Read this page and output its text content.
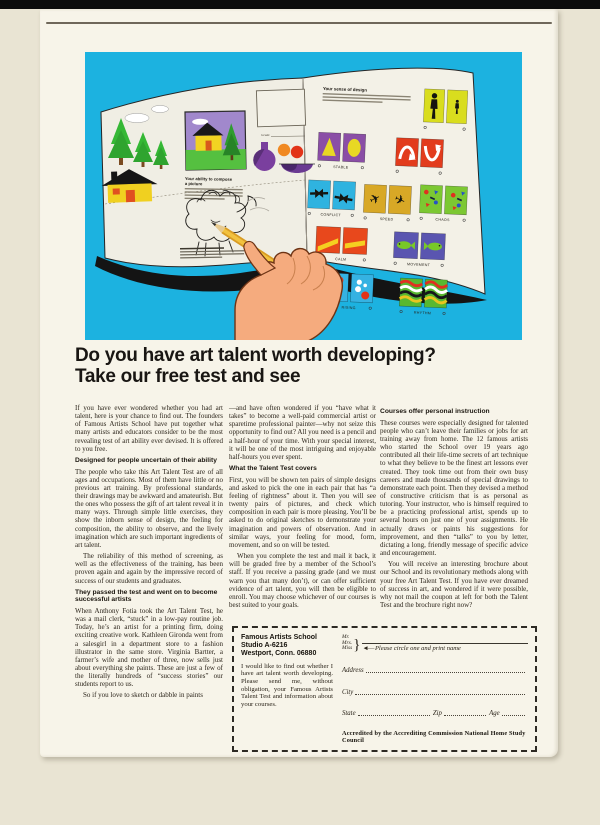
Your ability to compose
a picture
Grade
Your sense of design
STABLE
CONFLICT
✈ ✈
SPEED	CHAOS
CALM
MOVEMENT
RISING
RHYTHM
Do you have art talent worth developing?
Take our free test and see

If you have ever wondered whether you had art talent, here is your chance to find out. The founders of Famous Artists School have put together what many artists and educators consider to be the most revealing test of art ability ever devised. It is offered to you free.

Designed for people uncertain of their ability

The people who take this Art Talent Test are of all ages and occupations. Most of them have little or no previous art training. By professional standards, their drawings may be awkward and amateurish. But the ones who possess the gift of art talent reveal it in many ways. Through simple little exercises, they show the inborn sense of design, the feeling for composition, the ability to observe, and the lively imagination which are such important ingredients of art talent.

The reliability of this method of screening, as well as the effectiveness of the training, has been proven again and again by the impressive record of success of our students and graduates.

They passed the test and went on to become successful artists

When Anthony Fotia took the Art Talent Test, he was a mail clerk, “stuck” in a low-pay routine job. Today, he’s an artist for a printing firm, doing exciting creative work. Kathleen Gironda went from a salesgirl in a department store to a fashion illustrator in the same store. Virginia Bartter, a farmer’s wife and mother of three, now sells just about everything she paints. These are just a few of the literally hundreds of “success stories” our students report to us.

So if you love to sketch or dabble in paints

—and have often wondered if you “have what it takes” to become a well-paid commercial artist or sparetime professional painter—why not seize this opportunity to find out? All you need is a pencil and a half-hour of your time. With your special interest, it will be one of the most intriguing and enjoyable half-hours you ever spent.

What the Talent Test covers

First, you will be shown ten pairs of simple designs and asked to pick the one in each pair that has “a feeling of rightness” about it. Then you will see twenty pairs of pictures, and check which composition in each pair is more pleasing. You’ll be asked to do original sketches to demonstrate your imagination and powers of observation. And in similar ways, your feeling for mood, form, movement, and so on will be tested.

When you complete the test and mail it back, it will be graded free by a member of the School’s staff. If you receive a passing grade (and we must warn you that many don’t), or can offer sufficient evidence of art talent, you will then be eligible to enroll. You may choose whichever of our courses is best suited to your goals.

Courses offer personal instruction

These courses were especially designed for talented people who can’t leave their families or jobs for art training away from home. The 12 famous artists who started the School over 19 years ago contributed all their life-time secrets of art technique to what they believe to be the finest art lessons ever created. They took time out from their own busy careers and made thousands of special drawings to demonstrate each point. Then they devised a method of constructive criticism that is as personal as tutoring. Your instructor, who is himself required to be a practicing professional artist, spends up to several hours on just one of your assignments. He actually draws or paints his suggestions for improvement, and then “talks” to you by letter, dictating a long, friendly message of specific advice and encouragement.

You will receive an interesting brochure about our School and its revolutionary methods along with your free Art Talent Test. If you have ever dreamed of success in art, and wondered if it were possible, why not mail the coupon at left for both the Talent Test and the brochure right now?

Famous Artists School
Studio A-6216
Westport, Conn. 06880
I would like to find out whether I have art talent worth developing. Please send me, without obligation, your Famous Artists Talent Test and information about your courses.
Mr.
Mrs.
Miss } ◄— Please circle one and print name
Address
City
State	Zip	Age
Accredited by the Accrediting Commission National Home Study Council
